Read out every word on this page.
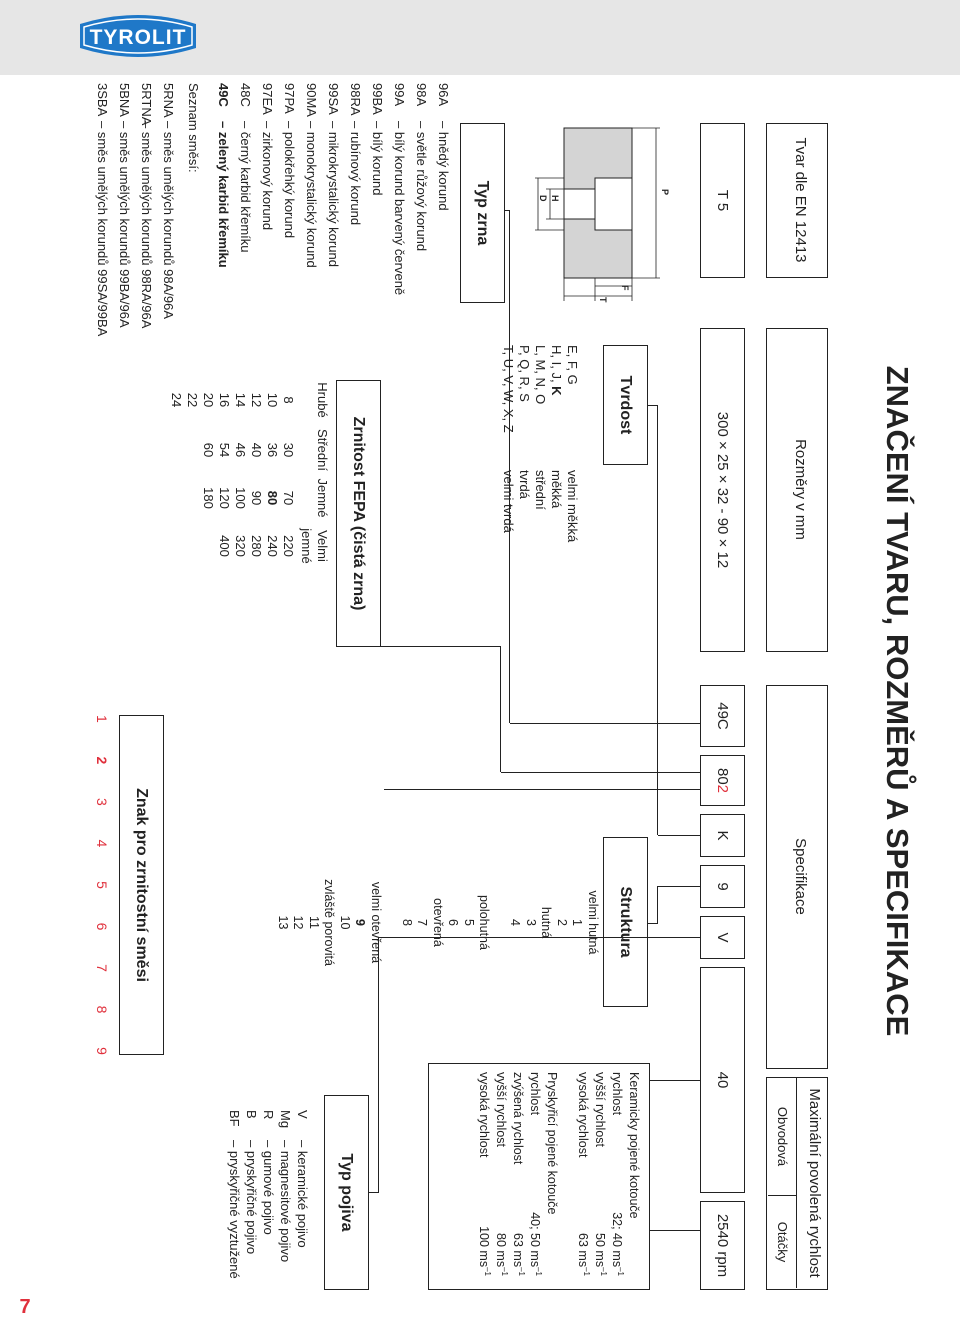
TYROLIT
7
ZNAČENÍ TVARU, ROZMĚRŮ A SPECIFIKACE
Tvar dle EN 12413
Rozměry v mm
Specifikace
Maximální povolená rychlost
Obvodová
Otáčky
T 5
300 × 25 × 32 - 90 × 12
49C
802
K
9
V
40
2540 rpm
P
H
D
F
T
Typ zrna
96A
– hnědý korund
98A
– světle růžový korund
99A
– bílý korund barvený červeně
99BA
– bílý korund
98RA
– rubínový korund
99SA
– mikrokrystalický korund
90MA
– monokrystalický korund
97PA
– polokřehký korund
97EA
– zirkonový korund
48C
– černý karbid křemíku
49C
– zelený karbid křemíku
Seznam směsí:
5RNA
– směs umělých korundů 98A/96A
5RTNA
– směs umělých korundů 98RA/96A
5BNA
– směs umělých korundů 99BA/96A
3SBA
– směs umělých korundů 99SA/99BA
Tvrdost
E, F, G
velmi měkká
H, I, J, K
měkká
L, M, N, O
střední
P, Q, R, S
tvrdá
T, U, V, W, X, Z
velmi tvrdá
Zrnitost FEPA (čistá zrna)
Hrubé
Střední
Jemné
Velmi jemné
8
10
12
14
16
20
22
24
30
36
40
46
54
60
70
80
90
100
120
180
220
240
280
320
400
Struktura
velmi hutná
1
2
hutná
3
4
polohutná
5
6
otevřená
7
8
velmi otevřená
9
10
zvláště porovitá
11
12
13
Znak pro zrnitostní směsi
1
2
3
4
5
6
7
8
9
Keramicky pojené kotouče
rychlost
32; 40 $ms^{-1}$
vyšší rychlost
50 $ms^{-1}$
vysoká rychlost
63 $ms^{-1}$
Pryskyřicí pojené kotouče
rychlost
40; 50 $ms^{-1}$
zvýšená rychlost
63 $ms^{-1}$
vyšší rychlost
80 $ms^{-1}$
vysoká rychlost
100 $ms^{-1}$
Typ pojiva
V
– keramické pojivo
Mg
– magnesitové pojivo
R
– gumové pojivo
B
– pryskyřičné pojivo
BF
– pryskyřičné vyztužené
